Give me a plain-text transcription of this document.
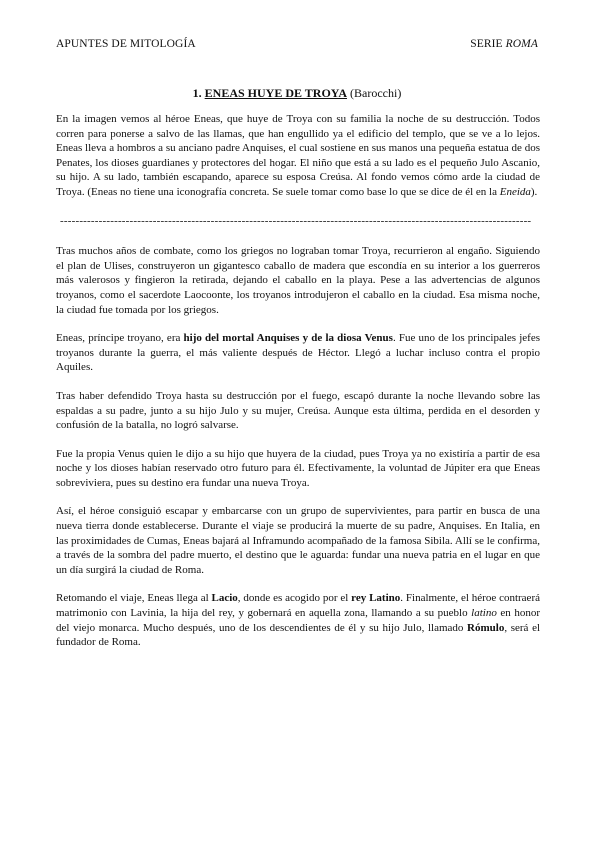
APUNTES DE MITOLOGÍA	SERIE ROMA
1. ENEAS HUYE DE TROYA (Barocchi)

En la imagen vemos al héroe Eneas, que huye de Troya con su familia la noche de su destrucción. Todos corren para ponerse a salvo de las llamas, que han engullido ya el edificio del templo, que se ve a lo lejos. Eneas lleva a hombros a su anciano padre Anquises, el cual sostiene en sus manos una pequeña estatua de dos Penates, los dioses guardianes y protectores del hogar. El niño que está a su lado es el pequeño Julo Ascanio, su hijo. A su lado, también escapando, aparece su esposa Creúsa. Al fondo vemos cómo arde la ciudad de Troya. (Eneas no tiene una iconografía concreta. Se suele tomar como base lo que se dice de él en la Eneida).

--------------------------------------------------------------------------------------------------------------------------

Tras muchos años de combate, como los griegos no lograban tomar Troya, recurrieron al engaño. Siguiendo el plan de Ulises, construyeron un gigantesco caballo de madera que escondía en su interior a los guerreros más valerosos y fingieron la retirada, dejando el caballo en la playa. Pese a las advertencias de algunos troyanos, como el sacerdote Laocoonte, los troyanos introdujeron el caballo en la ciudad. Esa misma noche, la ciudad fue tomada por los griegos.

Eneas, príncipe troyano, era hijo del mortal Anquises y de la diosa Venus. Fue uno de los principales jefes troyanos durante la guerra, el más valiente después de Héctor. Llegó a luchar incluso contra el propio Aquiles.

Tras haber defendido Troya hasta su destrucción por el fuego, escapó durante la noche llevando sobre las espaldas a su padre, junto a su hijo Julo y su mujer, Creúsa. Aunque esta última, perdida en el desorden y confusión de la batalla, no logró salvarse.

Fue la propia Venus quien le dijo a su hijo que huyera de la ciudad, pues Troya ya no existiría a partir de esa noche y los dioses habían reservado otro futuro para él. Efectivamente, la voluntad de Júpiter era que Eneas sobreviviera, pues su destino era fundar una nueva Troya.

Así, el héroe consiguió escapar y embarcarse con un grupo de supervivientes, para partir en busca de una nueva tierra donde establecerse. Durante el viaje se producirá la muerte de su padre, Anquises. En Italia, en las proximidades de Cumas, Eneas bajará al Inframundo acompañado de la famosa Sibila. Allí se le confirma, a través de la sombra del padre muerto, el destino que le aguarda: fundar una nueva patria en el lugar en que un día surgirá la ciudad de Roma.

Retomando el viaje, Eneas llega al Lacio, donde es acogido por el rey Latino. Finalmente, el héroe contraerá matrimonio con Lavinia, la hija del rey, y gobernará en aquella zona, llamando a su pueblo latino en honor del viejo monarca. Mucho después, uno de los descendientes de él y su hijo Julo, llamado Rómulo, será el fundador de Roma.
